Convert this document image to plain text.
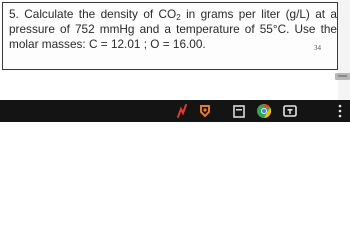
5. Calculate the density of $CO_2$ in grams per liter (g/L) at a pressure of 752 mmHg and a temperature of 55°C. Use the molar masses: C = 12.01 ; O = 16.00.	34
